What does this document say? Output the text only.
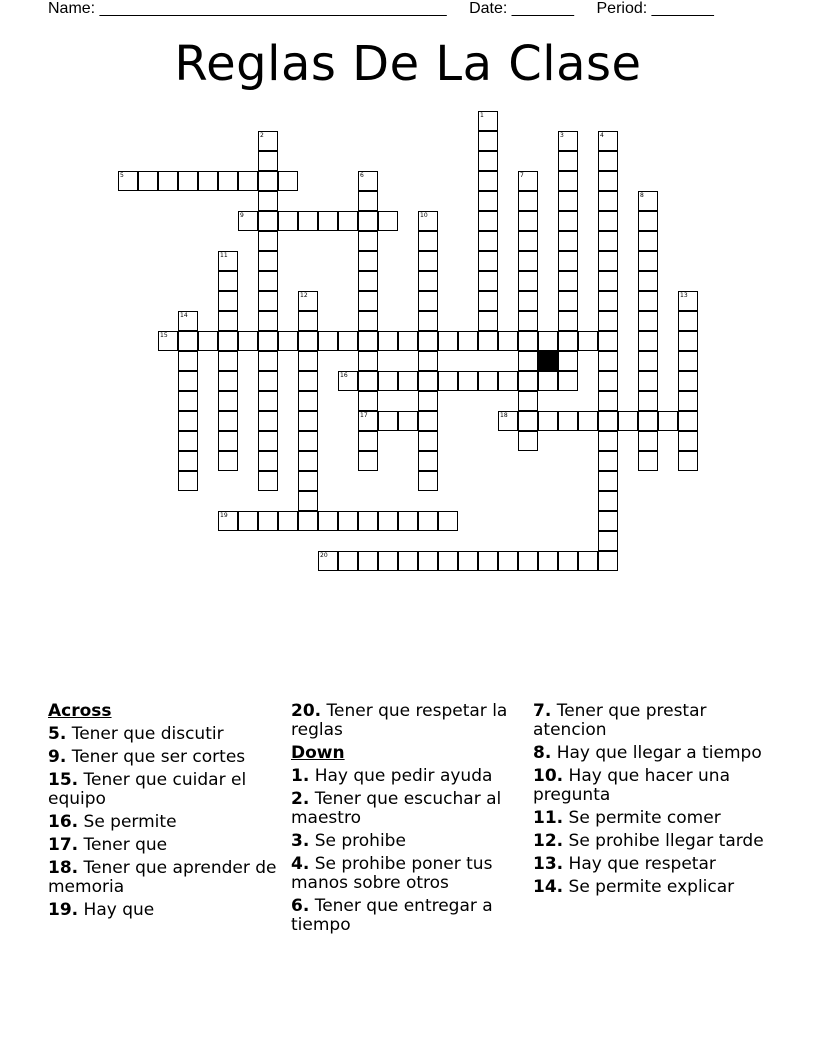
Name: _______________________________________ Date: _______ Period: _______
Reglas De La Clase
1
2	3	4
5	6
17
7
8
9	10
11
12	13
14
15
16
18
19
20
Across
5. Tener que discutir
9. Tener que ser cortes
15. Tener que cuidar el equipo
16. Se permite
17. Tener que
18. Tener que aprender de memoria
19. Hay que
20. Tener que respetar la reglas
Down
1. Hay que pedir ayuda
2. Tener que escuchar al maestro
3. Se prohibe
4. Se prohibe poner tus manos sobre otros
6. Tener que entregar a tiempo
7. Tener que prestar atencion
8. Hay que llegar a tiempo
10. Hay que hacer una pregunta
11. Se permite comer
12. Se prohibe llegar tarde
13. Hay que respetar
14. Se permite explicar
